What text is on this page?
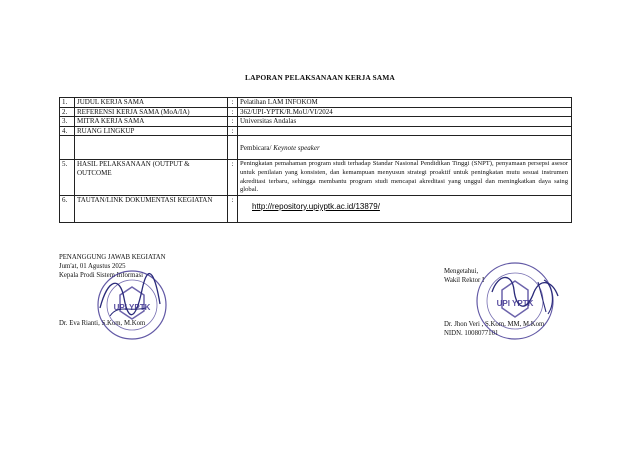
LAPORAN PELAKSANAAN KERJA SAMA
1.	JUDUL KERJA SAMA	:	Pelatihan LAM INFOKOM
2.	REFERENSI KERJA SAMA (MoA/IA)	:	362/UPI-YPTK/R.MoU/VI/2024
3.	MITRA KERJA SAMA	:	Universitas Andalas
4.	RUANG LINGKUP	:	
			Pembicara/ Keynote speaker
5.	HASIL PELAKSANAAN (OUTPUT & OUTCOME	:	Peningkatan pemahaman program studi terhadap Standar Nasional Pendidikan Tinggi (SNPT), penyamaan persepsi asesor untuk penilaian yang konsisten, dan kemampuan menyusun strategi proaktif untuk peningkatan mutu sesuai instrumen akreditasi terbaru, sehingga membantu program studi mencapai akreditasi yang unggul dan meningkatkan daya saing global.
6.	TAUTAN/LINK DOKUMENTASI KEGIATAN	:	http://repository.upiyptk.ac.id/13879/
PENANGGUNG JAWAB KEGIATAN
Jum'at, 01 Agustus 2025
Kepala Prodi Sistem Informasi
Dr. Eva Rianti, S.Kom, M.Kom
UPI YPTK
Mengetahui,
Wakil Rektor I
Dr. Jhon Veri , S.Kom, MM, M.Kom
NIDN. 1008077101
UPI YPTK
